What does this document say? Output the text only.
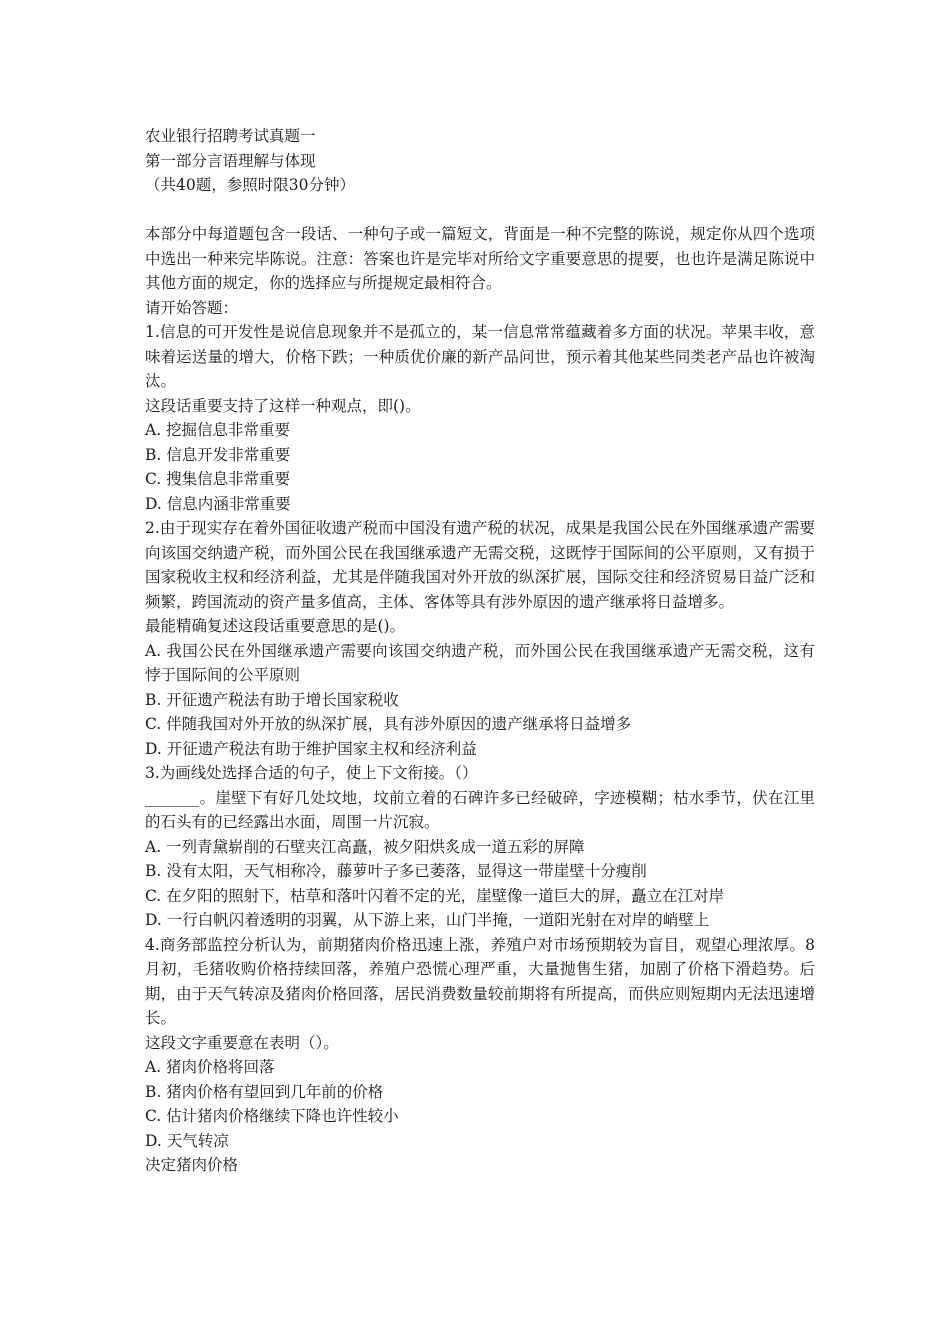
农业银行招聘考试真题一

第一部分言语理解与体现

（共40题，参照时限30分钟）

本部分中每道题包含一段话、一种句子或一篇短文，背面是一种不完整的陈说，规定你从四个选项中选出一种来完毕陈说。注意：答案也许是完毕对所给文字重要意思的提要，也也许是满足陈说中其他方面的规定，你的选择应与所提规定最相符合。

请开始答题：

1.信息的可开发性是说信息现象并不是孤立的，某一信息常常蕴藏着多方面的状况。苹果丰收，意味着运送量的增大，价格下跌；一种质优价廉的新产品问世，预示着其他某些同类老产品也许被淘汰。

这段话重要支持了这样一种观点，即()。

A. 挖掘信息非常重要

B. 信息开发非常重要

C. 搜集信息非常重要

D. 信息内涵非常重要

2.由于现实存在着外国征收遗产税而中国没有遗产税的状况，成果是我国公民在外国继承遗产需要向该国交纳遗产税，而外国公民在我国继承遗产无需交税，这既悖于国际间的公平原则，又有损于国家税收主权和经济利益，尤其是伴随我国对外开放的纵深扩展，国际交往和经济贸易日益广泛和频繁，跨国流动的资产量多值高，主体、客体等具有涉外原因的遗产继承将日益增多。

最能精确复述这段话重要意思的是()。

A. 我国公民在外国继承遗产需要向该国交纳遗产税，而外国公民在我国继承遗产无需交税，这有悖于国际间的公平原则

B. 开征遗产税法有助于增长国家税收

C. 伴随我国对外开放的纵深扩展，具有涉外原因的遗产继承将日益增多

D. 开征遗产税法有助于维护国家主权和经济利益

3.为画线处选择合适的句子，使上下文衔接。（）

_______。崖壁下有好几处坟地，坟前立着的石碑许多已经破碎，字迹模糊；枯水季节，伏在江里的石头有的已经露出水面，周围一片沉寂。

A. 一列青黛崭削的石壁夹江高矗，被夕阳烘炙成一道五彩的屏障

B. 没有太阳，天气相称冷，藤萝叶子多已萎落，显得这一带崖壁十分瘦削

C. 在夕阳的照射下，枯草和落叶闪着不定的光，崖壁像一道巨大的屏，矗立在江对岸

D. 一行白帆闪着透明的羽翼，从下游上来，山门半掩，一道阳光射在对岸的峭壁上

4.商务部监控分析认为，前期猪肉价格迅速上涨，养殖户对市场预期较为盲目，观望心理浓厚。8月初，毛猪收购价格持续回落，养殖户恐慌心理严重，大量抛售生猪，加剧了价格下滑趋势。后期，由于天气转凉及猪肉价格回落，居民消费数量较前期将有所提高，而供应则短期内无法迅速增长。

这段文字重要意在表明（）。

A. 猪肉价格将回落

B. 猪肉价格有望回到几年前的价格

C. 估计猪肉价格继续下降也许性较小

D. 天气转凉

决定猪肉价格
